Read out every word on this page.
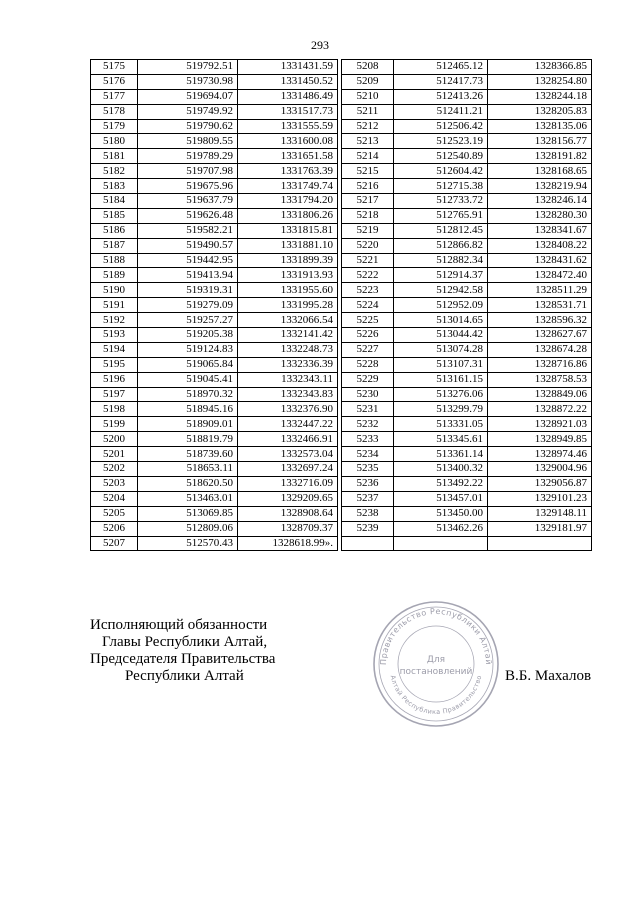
293
5175	519792.51	1331431.59		5208	512465.12	1328366.85
5176	519730.98	1331450.52		5209	512417.73	1328254.80
5177	519694.07	1331486.49		5210	512413.26	1328244.18
5178	519749.92	1331517.73		5211	512411.21	1328205.83
5179	519790.62	1331555.59		5212	512506.42	1328135.06
5180	519809.55	1331600.08		5213	512523.19	1328156.77
5181	519789.29	1331651.58		5214	512540.89	1328191.82
5182	519707.98	1331763.39		5215	512604.42	1328168.65
5183	519675.96	1331749.74		5216	512715.38	1328219.94
5184	519637.79	1331794.20		5217	512733.72	1328246.14
5185	519626.48	1331806.26		5218	512765.91	1328280.30
5186	519582.21	1331815.81		5219	512812.45	1328341.67
5187	519490.57	1331881.10		5220	512866.82	1328408.22
5188	519442.95	1331899.39		5221	512882.34	1328431.62
5189	519413.94	1331913.93		5222	512914.37	1328472.40
5190	519319.31	1331955.60		5223	512942.58	1328511.29
5191	519279.09	1331995.28		5224	512952.09	1328531.71
5192	519257.27	1332066.54		5225	513014.65	1328596.32
5193	519205.38	1332141.42		5226	513044.42	1328627.67
5194	519124.83	1332248.73		5227	513074.28	1328674.28
5195	519065.84	1332336.39		5228	513107.31	1328716.86
5196	519045.41	1332343.11		5229	513161.15	1328758.53
5197	518970.32	1332343.83		5230	513276.06	1328849.06
5198	518945.16	1332376.90		5231	513299.79	1328872.22
5199	518909.01	1332447.22		5232	513331.05	1328921.03
5200	518819.79	1332466.91		5233	513345.61	1328949.85
5201	518739.60	1332573.04		5234	513361.14	1328974.46
5202	518653.11	1332697.24		5235	513400.32	1329004.96
5203	518620.50	1332716.09		5236	513492.22	1329056.87
5204	513463.01	1329209.65		5237	513457.01	1329101.23
5205	513069.85	1328908.64		5238	513450.00	1329148.11
5206	512809.06	1328709.37		5239	513462.26	1329181.97
5207	512570.43	1328618.99».				
Исполняющий обязанности
Главы Республики Алтай,
Председателя Правительства
Республики Алтай
Правительство Республики Алтай
Алтай Республика Правительство
Для
постановлений В.Б. Махалов
